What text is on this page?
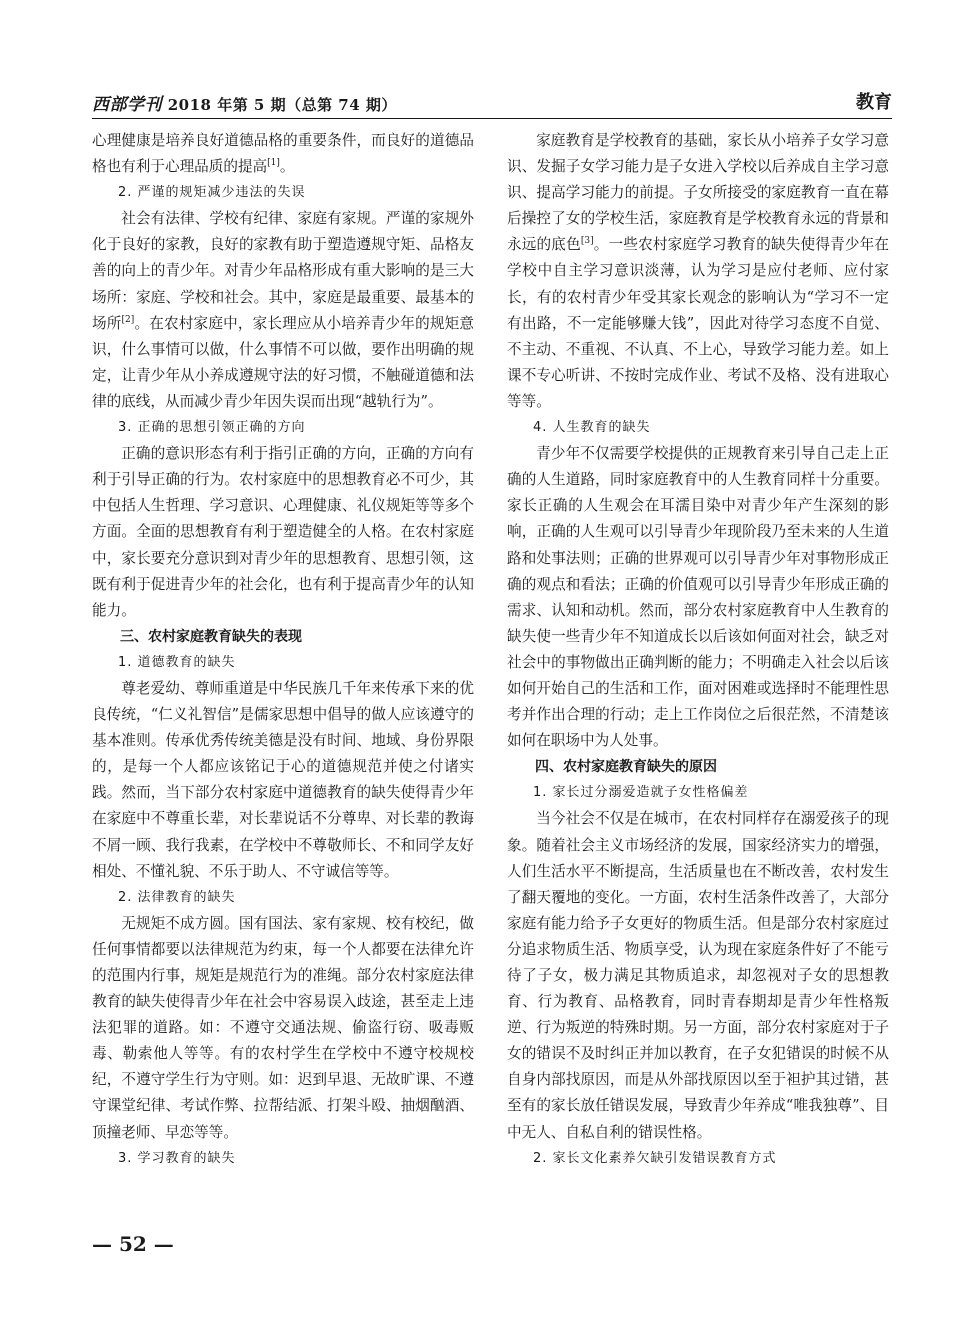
西部学刊 2018 年第 5 期（总第 74 期）	教育

心理健康是培养良好道德品格的重要条件，而良好的道德品格也有利于心理品质的提高[1]。

2. 严谨的规矩减少违法的失误

社会有法律、学校有纪律、家庭有家规。严谨的家规外化于良好的家教，良好的家教有助于塑造遵规守矩、品格友善的向上的青少年。对青少年品格形成有重大影响的是三大场所：家庭、学校和社会。其中，家庭是最重要、最基本的场所[2]。在农村家庭中，家长理应从小培养青少年的规矩意识，什么事情可以做，什么事情不可以做，要作出明确的规定，让青少年从小养成遵规守法的好习惯，不触碰道德和法律的底线，从而减少青少年因失误而出现“越轨行为”。

3. 正确的思想引领正确的方向

正确的意识形态有利于指引正确的方向，正确的方向有利于引导正确的行为。农村家庭中的思想教育必不可少，其中包括人生哲理、学习意识、心理健康、礼仪规矩等等多个方面。全面的思想教育有利于塑造健全的人格。在农村家庭中，家长要充分意识到对青少年的思想教育、思想引领，这既有利于促进青少年的社会化，也有利于提高青少年的认知能力。

三、农村家庭教育缺失的表现
1. 道德教育的缺失

尊老爱幼、尊师重道是中华民族几千年来传承下来的优良传统，“仁义礼智信”是儒家思想中倡导的做人应该遵守的基本准则。传承优秀传统美德是没有时间、地域、身份界限的，是每一个人都应该铭记于心的道德规范并使之付诸实践。然而，当下部分农村家庭中道德教育的缺失使得青少年在家庭中不尊重长辈，对长辈说话不分尊卑、对长辈的教诲不屑一顾、我行我素，在学校中不尊敬师长、不和同学友好相处、不懂礼貌、不乐于助人、不守诚信等等。

2. 法律教育的缺失

无规矩不成方圆。国有国法、家有家规、校有校纪，做任何事情都要以法律规范为约束，每一个人都要在法律允许的范围内行事，规矩是规范行为的准绳。部分农村家庭法律教育的缺失使得青少年在社会中容易误入歧途，甚至走上违法犯罪的道路。如：不遵守交通法规、偷盗行窃、吸毒贩毒、勒索他人等等。有的农村学生在学校中不遵守校规校纪，不遵守学生行为守则。如：迟到早退、无故旷课、不遵守课堂纪律、考试作弊、拉帮结派、打架斗殴、抽烟酗酒、顶撞老师、早恋等等。

3. 学习教育的缺失

家庭教育是学校教育的基础，家长从小培养子女学习意识、发掘子女学习能力是子女进入学校以后养成自主学习意识、提高学习能力的前提。子女所接受的家庭教育一直在幕后操控了女的学校生活，家庭教育是学校教育永远的背景和永远的底色[3]。一些农村家庭学习教育的缺失使得青少年在学校中自主学习意识淡薄，认为学习是应付老师、应付家长，有的农村青少年受其家长观念的影响认为“学习不一定有出路，不一定能够赚大钱”，因此对待学习态度不自觉、不主动、不重视、不认真、不上心，导致学习能力差。如上课不专心听讲、不按时完成作业、考试不及格、没有进取心等等。

4. 人生教育的缺失

青少年不仅需要学校提供的正规教育来引导自己走上正确的人生道路，同时家庭教育中的人生教育同样十分重要。家长正确的人生观会在耳濡目染中对青少年产生深刻的影响，正确的人生观可以引导青少年现阶段乃至未来的人生道路和处事法则；正确的世界观可以引导青少年对事物形成正确的观点和看法；正确的价值观可以引导青少年形成正确的需求、认知和动机。然而，部分农村家庭教育中人生教育的缺失使一些青少年不知道成长以后该如何面对社会，缺乏对社会中的事物做出正确判断的能力；不明确走入社会以后该如何开始自己的生活和工作，面对困难或选择时不能理性思考并作出合理的行动；走上工作岗位之后很茫然，不清楚该如何在职场中为人处事。

四、农村家庭教育缺失的原因
1. 家长过分溺爱造就子女性格偏差

当今社会不仅是在城市，在农村同样存在溺爱孩子的现象。随着社会主义市场经济的发展，国家经济实力的增强，人们生活水平不断提高，生活质量也在不断改善，农村发生了翻天覆地的变化。一方面，农村生活条件改善了，大部分家庭有能力给予子女更好的物质生活。但是部分农村家庭过分追求物质生活、物质享受，认为现在家庭条件好了不能亏待了子女，极力满足其物质追求，却忽视对子女的思想教育、行为教育、品格教育，同时青春期却是青少年性格叛逆、行为叛逆的特殊时期。另一方面，部分农村家庭对于子女的错误不及时纠正并加以教育，在子女犯错误的时候不从自身内部找原因，而是从外部找原因以至于袒护其过错，甚至有的家长放任错误发展，导致青少年养成“唯我独尊”、目中无人、自私自利的错误性格。

2. 家长文化素养欠缺引发错误教育方式
— 52 —
